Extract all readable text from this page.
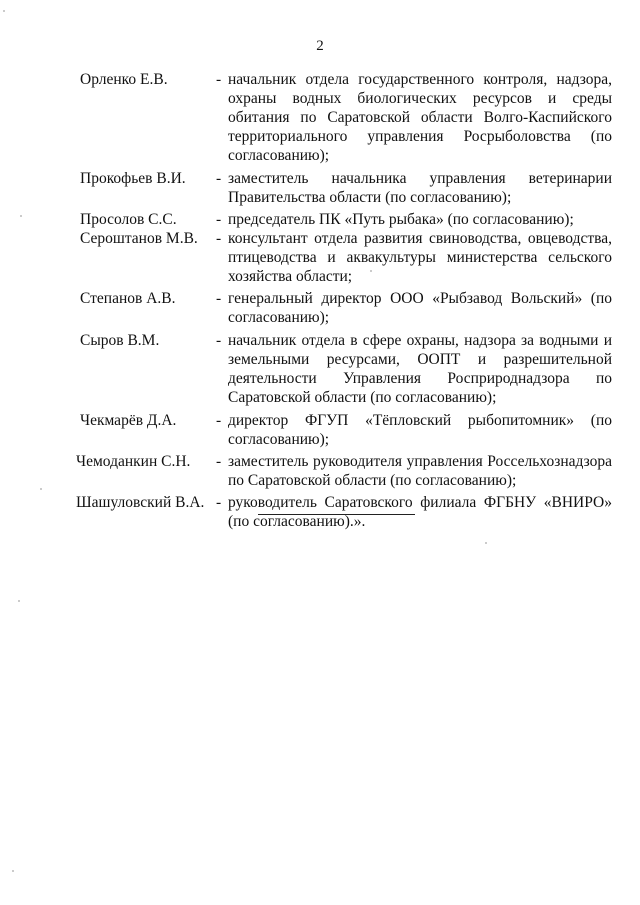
2
Орленко Е.В.	- начальник отдела государственного контроля, надзора, охраны водных биологических ресурсов и среды обитания по Саратовской области Волго-Каспийского территориального управления Росрыболовства (по согласованию);
Прокофьев В.И. - заместитель начальника управления ветеринарии Правительства области (по согласованию);
Просолов С.С.	- председатель ПК «Путь рыбака» (по согласованию);
Сероштанов М.В. - консультант отдела развития свиноводства, овцеводства, птицеводства и аквакультуры министерства сельского хозяйства области;
Степанов А.В.	- генеральный директор ООО «Рыбзавод Вольский» (по согласованию);
Сыров В.М.	- начальник отдела в сфере охраны, надзора за водными и земельными ресурсами, ООПТ и разрешительной деятельности Управления Росприроднадзора по Саратовской области (по согласованию);
Чекмарёв Д.А.	- директор ФГУП «Тёпловский рыбопитомник» (по согласованию);
Чемоданкин С.Н. - заместитель руководителя управления Россельхознадзора по Саратовской области (по согласованию);
Шашуловский В.А. - руководитель Саратовского филиала ФГБНУ «ВНИРО» (по согласованию).».
